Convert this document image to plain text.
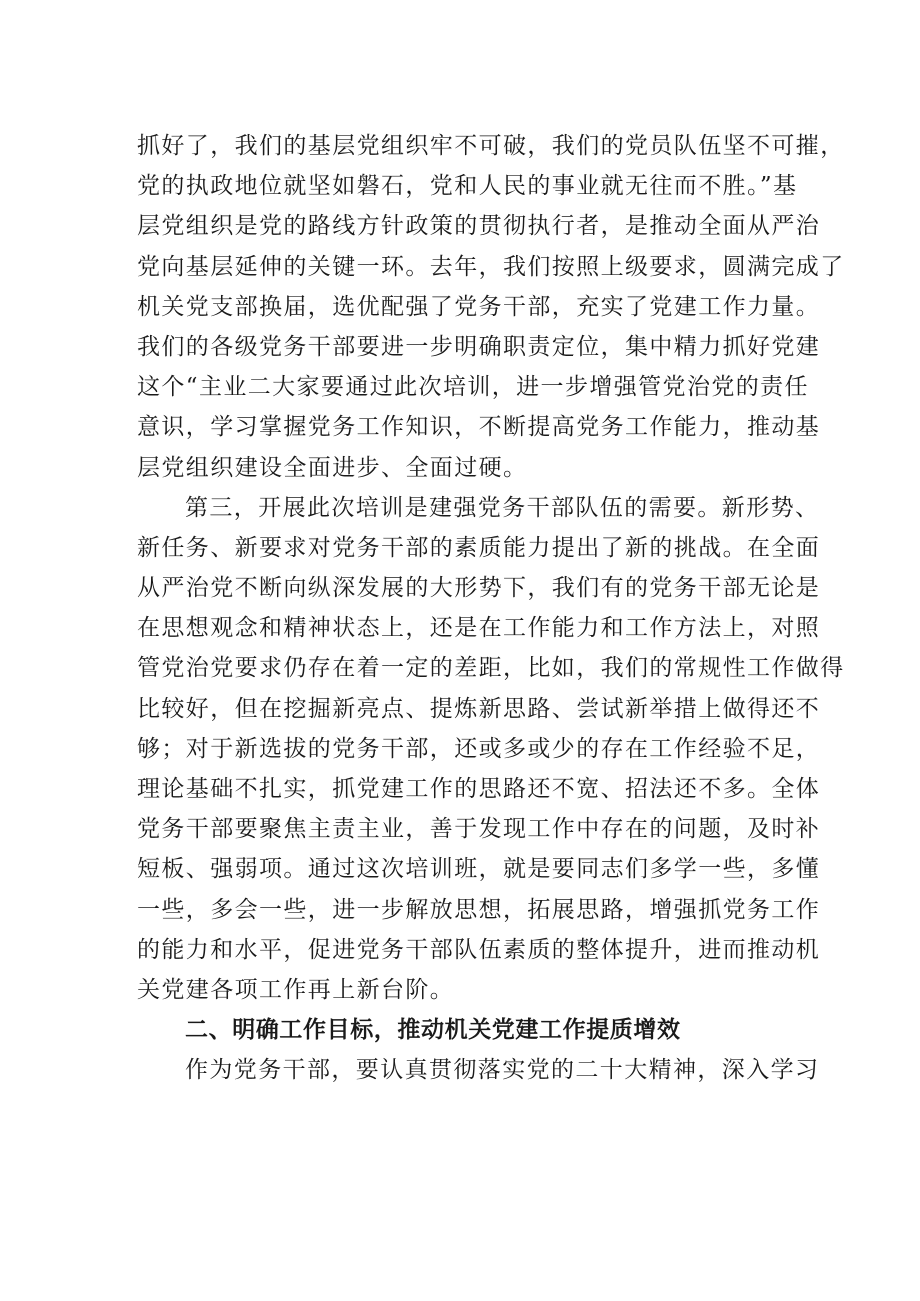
抓好了，我们的基层党组织牢不可破，我们的党员队伍坚不可摧，
党的执政地位就坚如磐石，党和人民的事业就无往而不胜。”基
层党组织是党的路线方针政策的贯彻执行者，是推动全面从严治
党向基层延伸的关键一环。去年，我们按照上级要求，圆满完成了
机关党支部换届，选优配强了党务干部，充实了党建工作力量。
我们的各级党务干部要进一步明确职责定位，集中精力抓好党建
这个“主业二大家要通过此次培训，进一步增强管党治党的责任
意识，学习掌握党务工作知识，不断提高党务工作能力，推动基
层党组织建设全面进步、全面过硬。
第三，开展此次培训是建强党务干部队伍的需要。新形势、
新任务、新要求对党务干部的素质能力提出了新的挑战。在全面
从严治党不断向纵深发展的大形势下，我们有的党务干部无论是
在思想观念和精神状态上，还是在工作能力和工作方法上，对照
管党治党要求仍存在着一定的差距，比如，我们的常规性工作做得
比较好，但在挖掘新亮点、提炼新思路、尝试新举措上做得还不
够；对于新选拔的党务干部，还或多或少的存在工作经验不足，
理论基础不扎实，抓党建工作的思路还不宽、招法还不多。全体
党务干部要聚焦主责主业，善于发现工作中存在的问题，及时补
短板、强弱项。通过这次培训班，就是要同志们多学一些，多懂
一些，多会一些，进一步解放思想，拓展思路，增强抓党务工作
的能力和水平，促进党务干部队伍素质的整体提升，进而推动机
关党建各项工作再上新台阶。
二、明确工作目标，推动机关党建工作提质增效
作为党务干部，要认真贯彻落实党的二十大精神，深入学习
